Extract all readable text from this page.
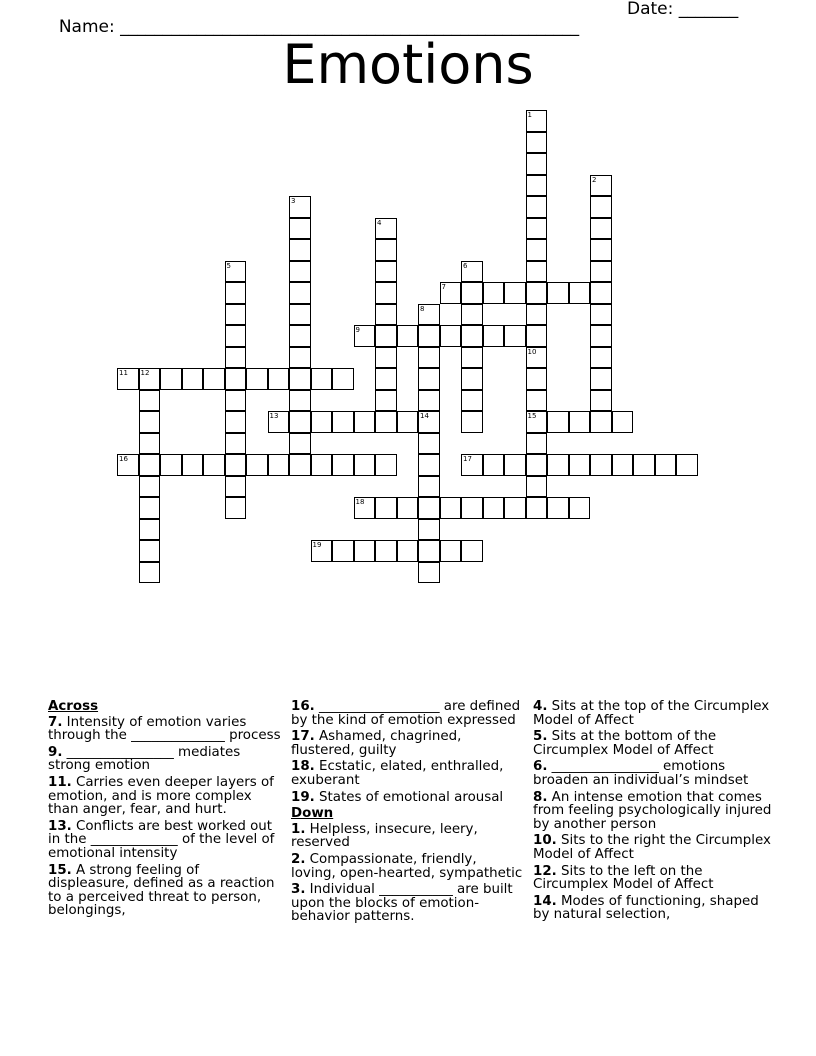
Name: ______________________________________________________

Date: _______

Emotions
1
10
2
3
4
5	6
7
8
14
9
15
11 12
13
16	17
18
19
Across
7. Intensity of emotion varies through the ______________ process
9. ________________ mediates strong emotion
11. Carries even deeper layers of emotion, and is more complex than anger, fear, and hurt.
13. Conflicts are best worked out in the _____________ of the level of emotional intensity
15. A strong feeling of displeasure, defined as a reaction to a perceived threat to person, belongings,
16. __________________ are defined by the kind of emotion expressed
17. Ashamed, chagrined, flustered, guilty
18. Ecstatic, elated, enthralled, exuberant
19. States of emotional arousal
Down
1. Helpless, insecure, leery, reserved
2. Compassionate, friendly, loving, open-hearted, sympathetic
3. Individual ___________ are built upon the blocks of emotion-behavior patterns.
4. Sits at the top of the Circumplex Model of Affect
5. Sits at the bottom of the Circumplex Model of Affect
6. ________________ emotions broaden an individual’s mindset
8. An intense emotion that comes from feeling psychologically injured by another person
10. Sits to the right the Circumplex Model of Affect
12. Sits to the left on the Circumplex Model of Affect
14. Modes of functioning, shaped by natural selection,
